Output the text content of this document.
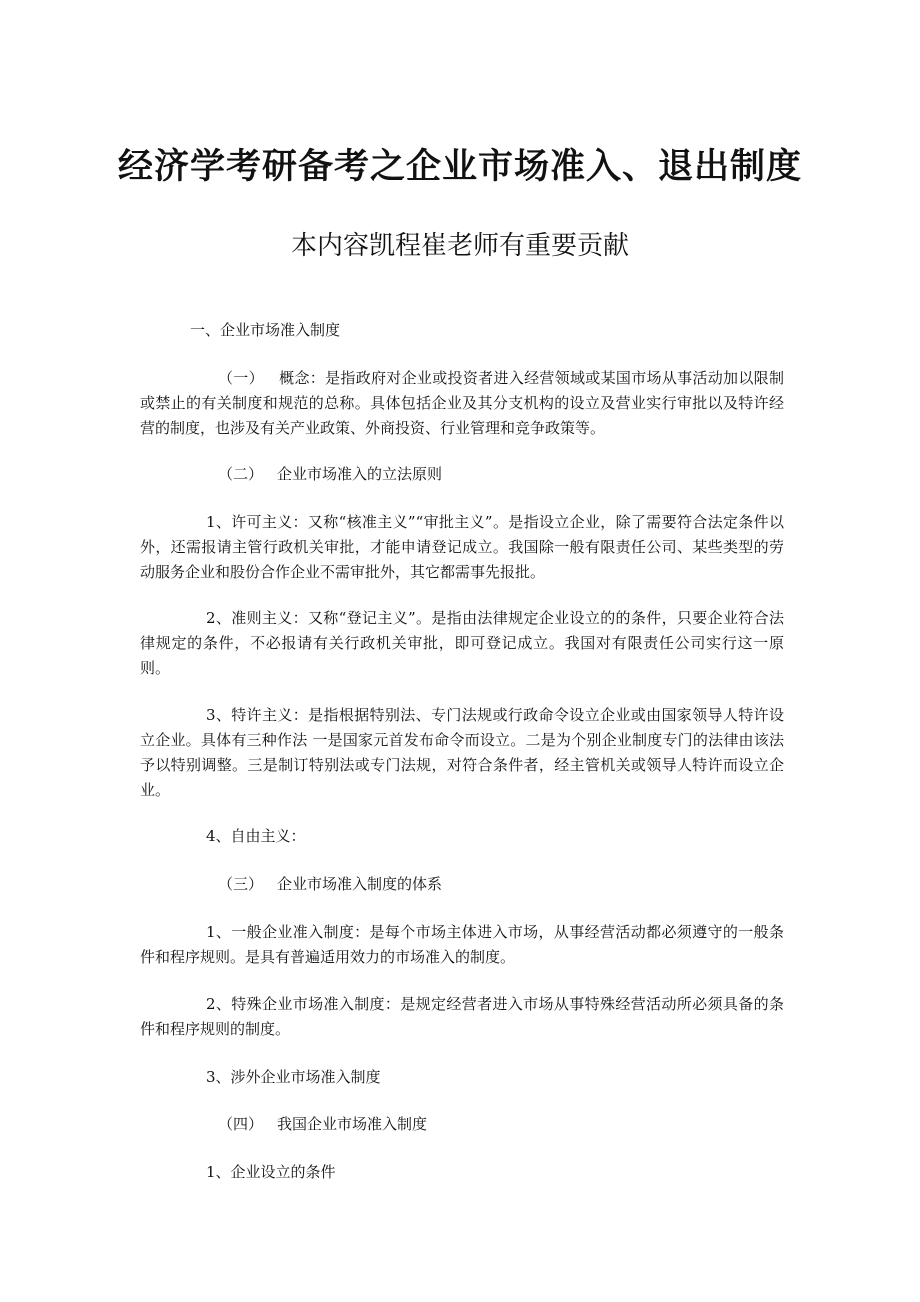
经济学考研备考之企业市场准入、退出制度
本内容凯程崔老师有重要贡献
一、企业市场准入制度
（一） 概念：是指政府对企业或投资者进入经营领域或某国市场从事活动加以限制或禁止的有关制度和规范的总称。具体包括企业及其分支机构的设立及营业实行审批以及特许经营的制度，也涉及有关产业政策、外商投资、行业管理和竞争政策等。
（二） 企业市场准入的立法原则
1、许可主义：又称“核准主义”“审批主义”。是指设立企业，除了需要符合法定条件以外，还需报请主管行政机关审批，才能申请登记成立。我国除一般有限责任公司、某些类型的劳动服务企业和股份合作企业不需审批外，其它都需事先报批。
2、准则主义：又称“登记主义”。是指由法律规定企业设立的的条件，只要企业符合法律规定的条件，不必报请有关行政机关审批，即可登记成立。我国对有限责任公司实行这一原则。
3、特许主义：是指根据特别法、专门法规或行政命令设立企业或由国家领导人特许设立企业。具体有三种作法 一是国家元首发布命令而设立。二是为个别企业制度专门的法律由该法予以特别调整。三是制订特别法或专门法规，对符合条件者，经主管机关或领导人特许而设立企业。
4、自由主义：
（三） 企业市场准入制度的体系
1、一般企业准入制度：是每个市场主体进入市场，从事经营活动都必须遵守的一般条件和程序规则。是具有普遍适用效力的市场准入的制度。
2、特殊企业市场准入制度：是规定经营者进入市场从事特殊经营活动所必须具备的条件和程序规则的制度。
3、涉外企业市场准入制度
（四） 我国企业市场准入制度
1、企业设立的条件
